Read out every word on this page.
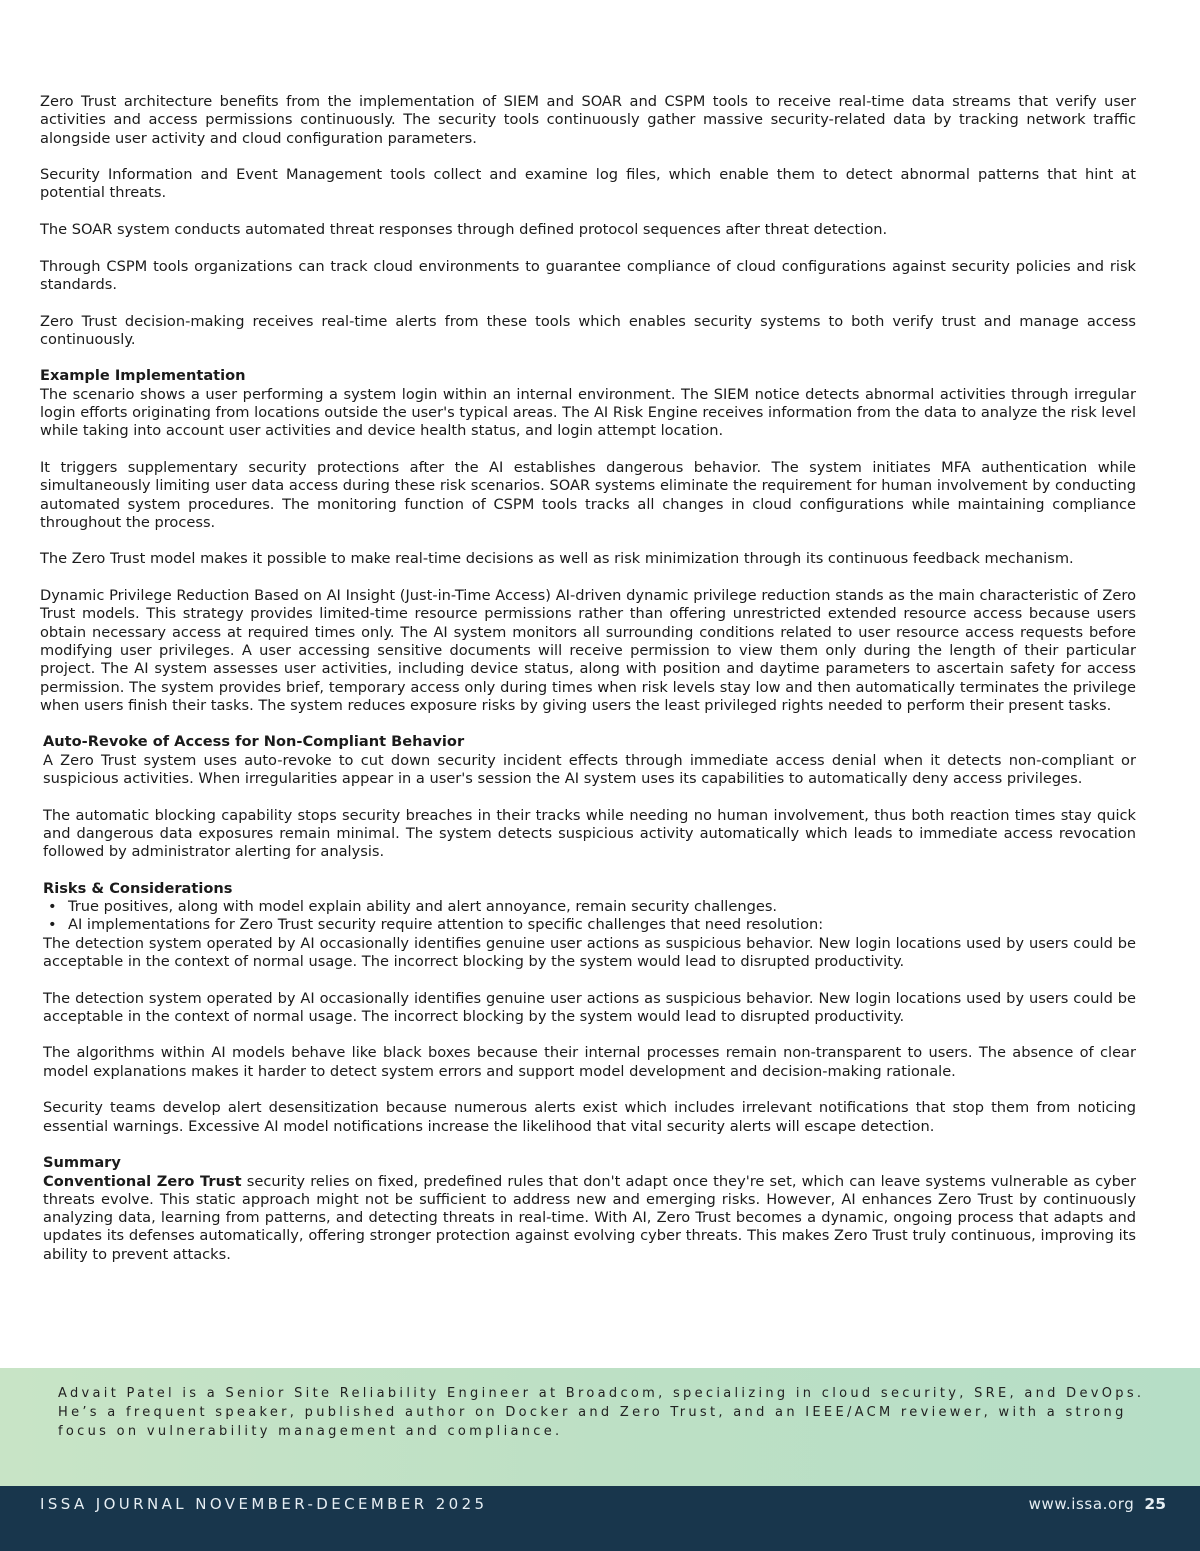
Zero Trust architecture benefits from the implementation of SIEM and SOAR and CSPM tools to receive real-time data streams that verify user activities and access permissions continuously. The security tools continuously gather massive security-related data by tracking network traffic alongside user activity and cloud configuration parameters.

Security Information and Event Management tools collect and examine log files, which enable them to detect abnormal patterns that hint at potential threats.

The SOAR system conducts automated threat responses through defined protocol sequences after threat detection.

Through CSPM tools organizations can track cloud environments to guarantee compliance of cloud configurations against security policies and risk standards.

Zero Trust decision-making receives real-time alerts from these tools which enables security systems to both verify trust and manage access continuously.

Example Implementation

The scenario shows a user performing a system login within an internal environment. The SIEM notice detects abnormal activities through irregular login efforts originating from locations outside the user's typical areas. The AI Risk Engine receives information from the data to analyze the risk level while taking into account user activities and device health status, and login attempt location.

It triggers supplementary security protections after the AI establishes dangerous behavior. The system initiates MFA authentication while simultaneously limiting user data access during these risk scenarios. SOAR systems eliminate the requirement for human involvement by conducting automated system procedures. The monitoring function of CSPM tools tracks all changes in cloud configurations while maintaining compliance throughout the process.

The Zero Trust model makes it possible to make real-time decisions as well as risk minimization through its continuous feedback mechanism.

Dynamic Privilege Reduction Based on AI Insight (Just-in-Time Access) AI-driven dynamic privilege reduction stands as the main characteristic of Zero Trust models. This strategy provides limited-time resource permissions rather than offering unrestricted extended resource access because users obtain necessary access at required times only. The AI system monitors all surrounding conditions related to user resource access requests before modifying user privileges. A user accessing sensitive documents will receive permission to view them only during the length of their particular project. The AI system assesses user activities, including device status, along with position and daytime parameters to ascertain safety for access permission. The system provides brief, temporary access only during times when risk levels stay low and then automatically terminates the privilege when users finish their tasks. The system reduces exposure risks by giving users the least privileged rights needed to perform their present tasks.

Auto-Revoke of Access for Non-Compliant Behavior

A Zero Trust system uses auto-revoke to cut down security incident effects through immediate access denial when it detects non-compliant or suspicious activities. When irregularities appear in a user's session the AI system uses its capabilities to automatically deny access privileges.

The automatic blocking capability stops security breaches in their tracks while needing no human involvement, thus both reaction times stay quick and dangerous data exposures remain minimal. The system detects suspicious activity automatically which leads to immediate access revocation followed by administrator alerting for analysis.

Risks & Considerations
• True positives, along with model explain ability and alert annoyance, remain security challenges.
• AI implementations for Zero Trust security require attention to specific challenges that need resolution:

The detection system operated by AI occasionally identifies genuine user actions as suspicious behavior. New login locations used by users could be acceptable in the context of normal usage. The incorrect blocking by the system would lead to disrupted productivity.

The detection system operated by AI occasionally identifies genuine user actions as suspicious behavior. New login locations used by users could be acceptable in the context of normal usage. The incorrect blocking by the system would lead to disrupted productivity.

The algorithms within AI models behave like black boxes because their internal processes remain non-transparent to users. The absence of clear model explanations makes it harder to detect system errors and support model development and decision-making rationale.

Security teams develop alert desensitization because numerous alerts exist which includes irrelevant notifications that stop them from noticing essential warnings. Excessive AI model notifications increase the likelihood that vital security alerts will escape detection.

Summary

Conventional Zero Trust security relies on fixed, predefined rules that don't adapt once they're set, which can leave systems vulnerable as cyber threats evolve. This static approach might not be sufficient to address new and emerging risks. However, AI enhances Zero Trust by continuously analyzing data, learning from patterns, and detecting threats in real-time. With AI, Zero Trust becomes a dynamic, ongoing process that adapts and updates its defenses automatically, offering stronger protection against evolving cyber threats. This makes Zero Trust truly continuous, improving its ability to prevent attacks.

Advait Patel is a Senior Site Reliability Engineer at Broadcom, specializing in cloud security, SRE, and DevOps. He’s a frequent speaker, published author on Docker and Zero Trust, and an IEEE/ACM reviewer, with a strong focus on vulnerability management and compliance.
ISSA JOURNAL NOVEMBER-DECEMBER 2025	www.issa.org 25
